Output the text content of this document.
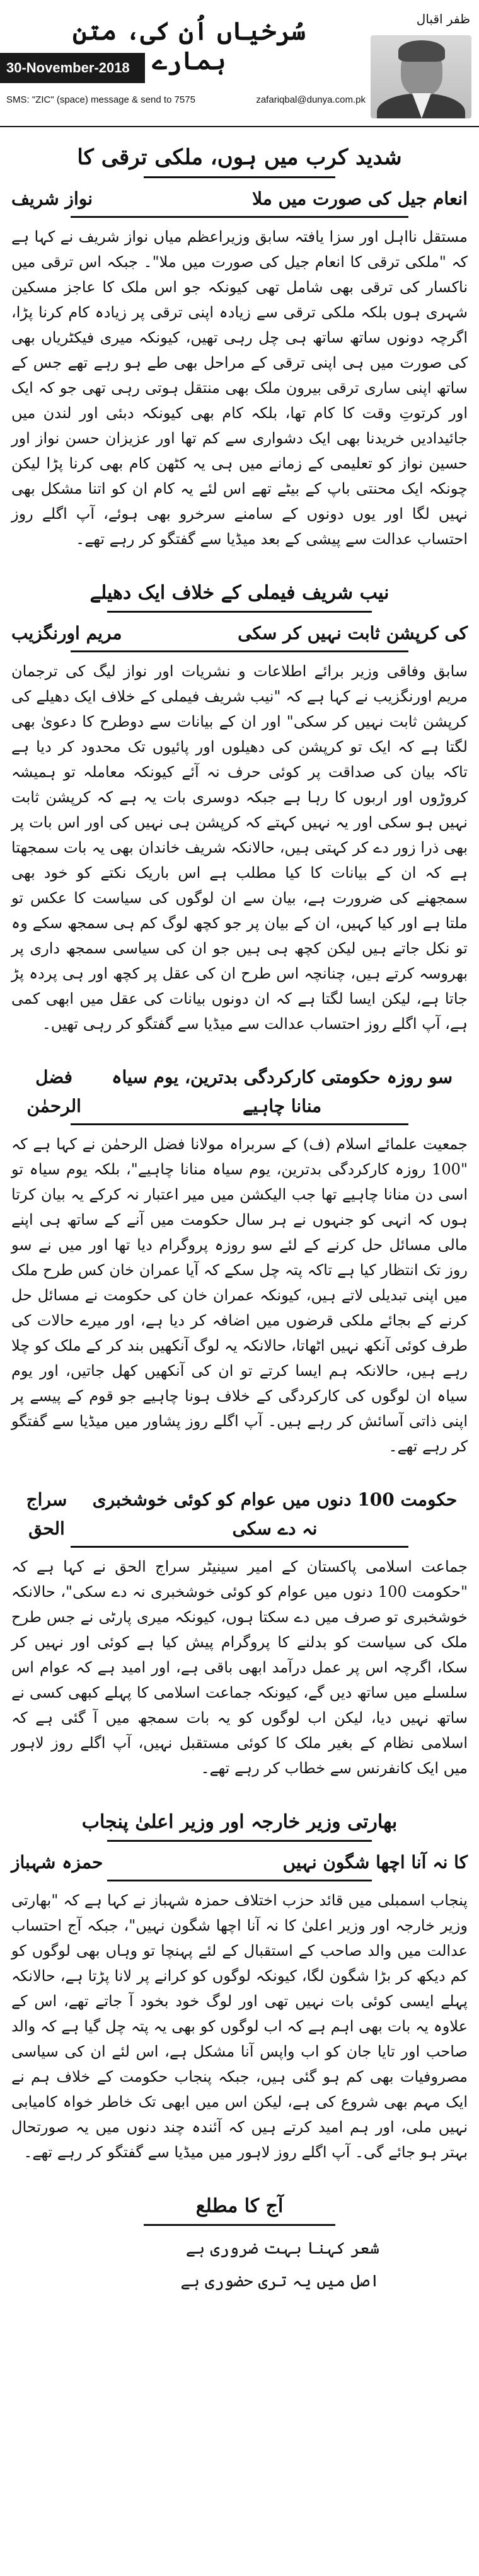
سُرخیاں اُن کی، متن ہمارے
ظفر اقبال
30-November-2018
SMS: "ZIC" (space) message & send to 7575	zafariqbal@dunya.com.pk
شدید کرب میں ہوں، ملکی ترقی کا
انعام جیل کی صورت میں ملا
نواز شریف

مستقل نااہل اور سزا یافتہ سابق وزیراعظم میاں نواز شریف نے کہا ہے کہ "ملکی ترقی کا انعام جیل کی صورت میں ملا"۔ جبکہ اس ترقی میں ناکسار کی ترقی بھی شامل تھی کیونکہ جو اس ملک کا عاجز مسکین شہری ہوں بلکہ ملکی ترقی سے زیادہ اپنی ترقی پر زیادہ کام کرنا پڑا، اگرچہ دونوں ساتھ ساتھ ہی چل رہی تھیں، کیونکہ میری فیکٹریاں بھی کی صورت میں ہی اپنی ترقی کے مراحل بھی طے ہو رہے تھے جس کے ساتھ اپنی ساری ترقی بیرون ملک بھی منتقل ہوتی رہی تھی جو کہ ایک اور کرتوتِ وقت کا کام تھا، بلکہ کام بھی کیونکہ دبئی اور لندن میں جائیدادیں خریدنا بھی ایک دشواری سے کم تھا اور عزیزان حسن نواز اور حسین نواز کو تعلیمی کے زمانے میں ہی یہ کٹھن کام بھی کرنا پڑا لیکن چونکہ ایک محنتی باپ کے بیٹے تھے اس لئے یہ کام ان کو اتنا مشکل بھی نہیں لگا اور یوں دونوں کے سامنے سرخرو بھی ہوئے، آپ اگلے روز احتساب عدالت سے پیشی کے بعد میڈیا سے گفتگو کر رہے تھے۔

نیب شریف فیملی کے خلاف ایک دھیلے
کی کرپشن ثابت نہیں کر سکی
مریم اورنگزیب

سابق وفاقی وزیر برائے اطلاعات و نشریات اور نواز لیگ کی ترجمان مریم اورنگزیب نے کہا ہے کہ "نیب شریف فیملی کے خلاف ایک دھیلے کی کرپشن ثابت نہیں کر سکی" اور ان کے بیانات سے دوطرح کا دعویٰ بھی لگتا ہے کہ ایک تو کرپشن کی دھیلوں اور پائیوں تک محدود کر دیا ہے تاکہ بیان کی صداقت پر کوئی حرف نہ آئے کیونکہ معاملہ تو ہمیشہ کروڑوں اور اربوں کا رہا ہے جبکہ دوسری بات یہ ہے کہ کرپشن ثابت نہیں ہو سکی اور یہ نہیں کہتے کہ کرپشن ہی نہیں کی اور اس بات پر بھی ذرا زور دے کر کہتی ہیں، حالانکہ شریف خاندان بھی یہ بات سمجھتا ہے کہ ان کے بیانات کا کیا مطلب ہے اس باریک نکتے کو خود بھی سمجھنے کی ضرورت ہے، بیان سے ان لوگوں کی سیاست کا عکس تو ملتا ہے اور کیا کہیں، ان کے بیان پر جو کچھ لوگ کم ہی سمجھ سکے وہ تو نکل جاتے ہیں لیکن کچھ ہی ہیں جو ان کی سیاسی سمجھ داری پر بھروسہ کرتے ہیں، چنانچہ اس طرح ان کی عقل پر کچھ اور ہی پردہ پڑ جاتا ہے، لیکن ایسا لگتا ہے کہ ان دونوں بیانات کی عقل میں ابھی کمی ہے، آپ اگلے روز احتساب عدالت سے میڈیا سے گفتگو کر رہی تھیں۔

سو روزہ حکومتی کارکردگی بدترین، یوم سیاہ منانا چاہیے
فضل الرحمٰن

جمعیت علمائے اسلام (ف) کے سربراہ مولانا فضل الرحمٰن نے کہا ہے کہ "100 روزہ کارکردگی بدترین، یوم سیاہ منانا چاہیے"، بلکہ یوم سیاہ تو اسی دن منانا چاہیے تھا جب الیکشن میں میر اعتبار نہ کرکے یہ بیان کرتا ہوں کہ انہی کو جنہوں نے ہر سال حکومت میں آنے کے ساتھ ہی اپنے مالی مسائل حل کرنے کے لئے سو روزہ پروگرام دیا تھا اور میں نے سو روز تک انتظار کیا ہے تاکہ پتہ چل سکے کہ آیا عمران خان کس طرح ملک میں اپنی تبدیلی لاتے ہیں، کیونکہ عمران خان کی حکومت نے مسائل حل کرنے کے بجائے ملکی قرضوں میں اضافہ کر دیا ہے، اور میرے حالات کی طرف کوئی آنکھ نہیں اٹھاتا، حالانکہ یہ لوگ آنکھیں بند کر کے ملک کو چلا رہے ہیں، حالانکہ ہم ایسا کرتے تو ان کی آنکھیں کھل جاتیں، اور یوم سیاہ ان لوگوں کی کارکردگی کے خلاف ہونا چاہیے جو قوم کے پیسے پر اپنی ذاتی آسائش کر رہے ہیں۔ آپ اگلے روز پشاور میں میڈیا سے گفتگو کر رہے تھے۔

حکومت 100 دنوں میں عوام کو کوئی خوشخبری نہ دے سکی
سراج الحق

جماعت اسلامی پاکستان کے امیر سینیٹر سراج الحق نے کہا ہے کہ "حکومت 100 دنوں میں عوام کو کوئی خوشخبری نہ دے سکی"، حالانکہ خوشخبری تو صرف میں دے سکتا ہوں، کیونکہ میری پارٹی نے جس طرح ملک کی سیاست کو بدلنے کا پروگرام پیش کیا ہے کوئی اور نہیں کر سکا، اگرچہ اس پر عمل درآمد ابھی باقی ہے، اور امید ہے کہ عوام اس سلسلے میں ساتھ دیں گے، کیونکہ جماعت اسلامی کا پہلے کبھی کسی نے ساتھ نہیں دیا، لیکن اب لوگوں کو یہ بات سمجھ میں آ گئی ہے کہ اسلامی نظام کے بغیر ملک کا کوئی مستقبل نہیں، آپ اگلے روز لاہور میں ایک کانفرنس سے خطاب کر رہے تھے۔

بھارتی وزیر خارجہ اور وزیر اعلیٰ پنجاب
کا نہ آنا اچھا شگون نہیں
حمزہ شہباز

پنجاب اسمبلی میں قائد حزب اختلاف حمزہ شہباز نے کہا ہے کہ "بھارتی وزیر خارجہ اور وزیر اعلیٰ کا نہ آنا اچھا شگون نہیں"، جبکہ آج احتساب عدالت میں والد صاحب کے استقبال کے لئے پہنچا تو وہاں بھی لوگوں کو کم دیکھ کر بڑا شگون لگا، کیونکہ لوگوں کو کرانے پر لانا پڑتا ہے، حالانکہ پہلے ایسی کوئی بات نہیں تھی اور لوگ خود بخود آ جاتے تھے، اس کے علاوہ یہ بات بھی اہم ہے کہ اب لوگوں کو بھی یہ پتہ چل گیا ہے کہ والد صاحب اور تایا جان کو اب واپس آنا مشکل ہے، اس لئے ان کی سیاسی مصروفیات بھی کم ہو گئی ہیں، جبکہ پنجاب حکومت کے خلاف ہم نے ایک مہم بھی شروع کی ہے، لیکن اس میں ابھی تک خاطر خواہ کامیابی نہیں ملی، اور ہم امید کرتے ہیں کہ آئندہ چند دنوں میں یہ صورتحال بہتر ہو جائے گی۔ آپ اگلے روز لاہور میں میڈیا سے گفتگو کر رہے تھے۔

آج کا مطلع
شعر کہنا بہت ضروری ہے
اصل میں یہ تری حضوری ہے
